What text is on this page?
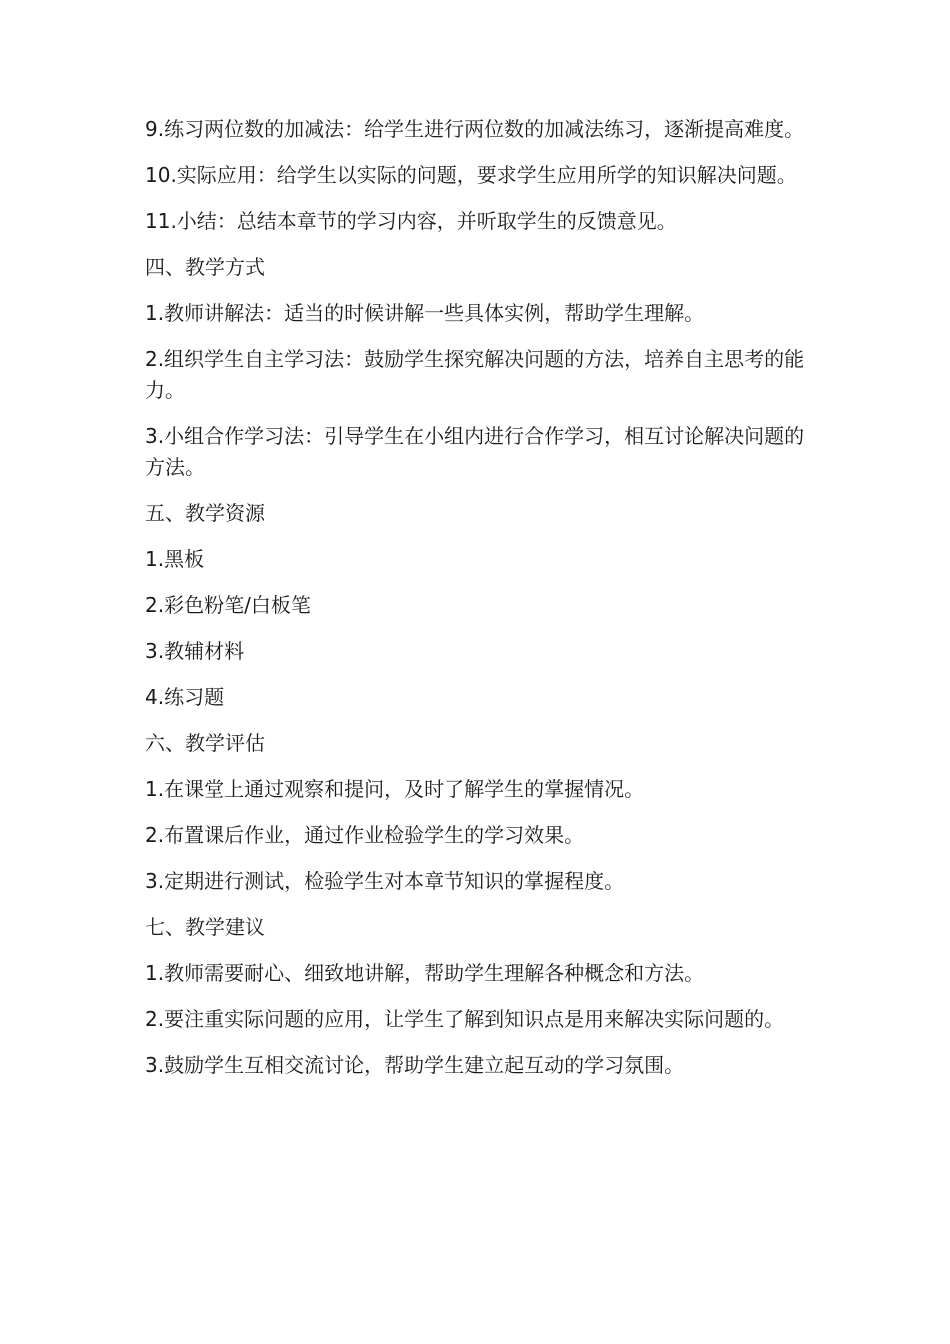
9.练习两位数的加减法：给学生进行两位数的加减法练习，逐渐提高难度。

10.实际应用：给学生以实际的问题，要求学生应用所学的知识解决问题。

11.小结：总结本章节的学习内容，并听取学生的反馈意见。

四、教学方式

1.教师讲解法：适当的时候讲解一些具体实例，帮助学生理解。

2.组织学生自主学习法：鼓励学生探究解决问题的方法，培养自主思考的能力。

3.小组合作学习法：引导学生在小组内进行合作学习，相互讨论解决问题的方法。

五、教学资源

1.黑板

2.彩色粉笔/白板笔

3.教辅材料

4.练习题

六、教学评估

1.在课堂上通过观察和提问，及时了解学生的掌握情况。

2.布置课后作业，通过作业检验学生的学习效果。

3.定期进行测试，检验学生对本章节知识的掌握程度。

七、教学建议

1.教师需要耐心、细致地讲解，帮助学生理解各种概念和方法。

2.要注重实际问题的应用，让学生了解到知识点是用来解决实际问题的。

3.鼓励学生互相交流讨论，帮助学生建立起互动的学习氛围。
